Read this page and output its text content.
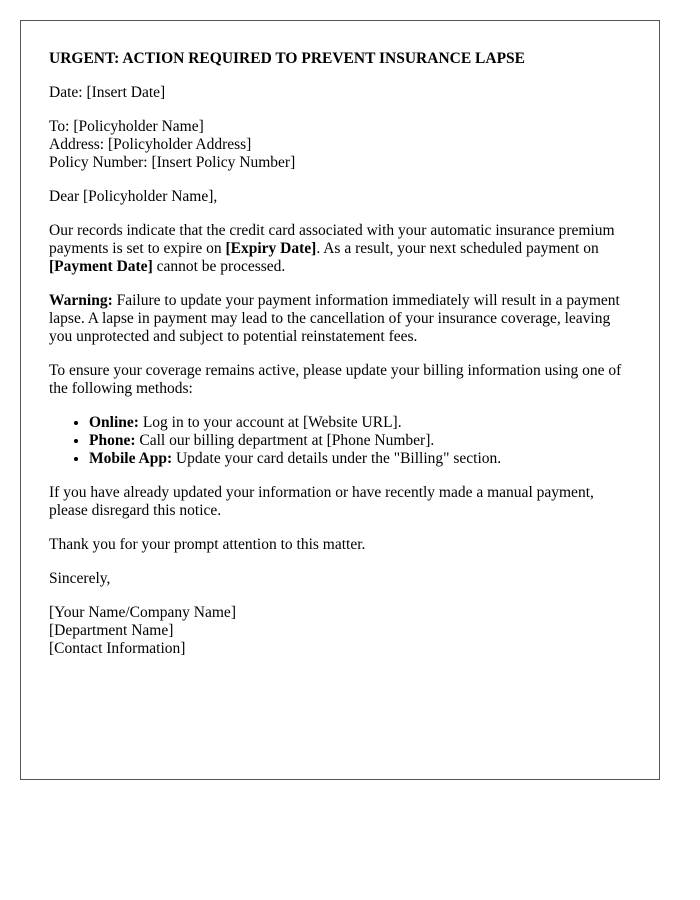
URGENT: ACTION REQUIRED TO PREVENT INSURANCE LAPSE

Date: [Insert Date]

To: [Policyholder Name]
Address: [Policyholder Address]
Policy Number: [Insert Policy Number]

Dear [Policyholder Name],

Our records indicate that the credit card associated with your automatic insurance premium payments is set to expire on [Expiry Date]. As a result, your next scheduled payment on [Payment Date] cannot be processed.

Warning: Failure to update your payment information immediately will result in a payment lapse. A lapse in payment may lead to the cancellation of your insurance coverage, leaving you unprotected and subject to potential reinstatement fees.

To ensure your coverage remains active, please update your billing information using one of the following methods:

• Online: Log in to your account at [Website URL].
• Phone: Call our billing department at [Phone Number].
• Mobile App: Update your card details under the "Billing" section.

If you have already updated your information or have recently made a manual payment, please disregard this notice.

Thank you for your prompt attention to this matter.

Sincerely,

[Your Name/Company Name]
[Department Name]
[Contact Information]
